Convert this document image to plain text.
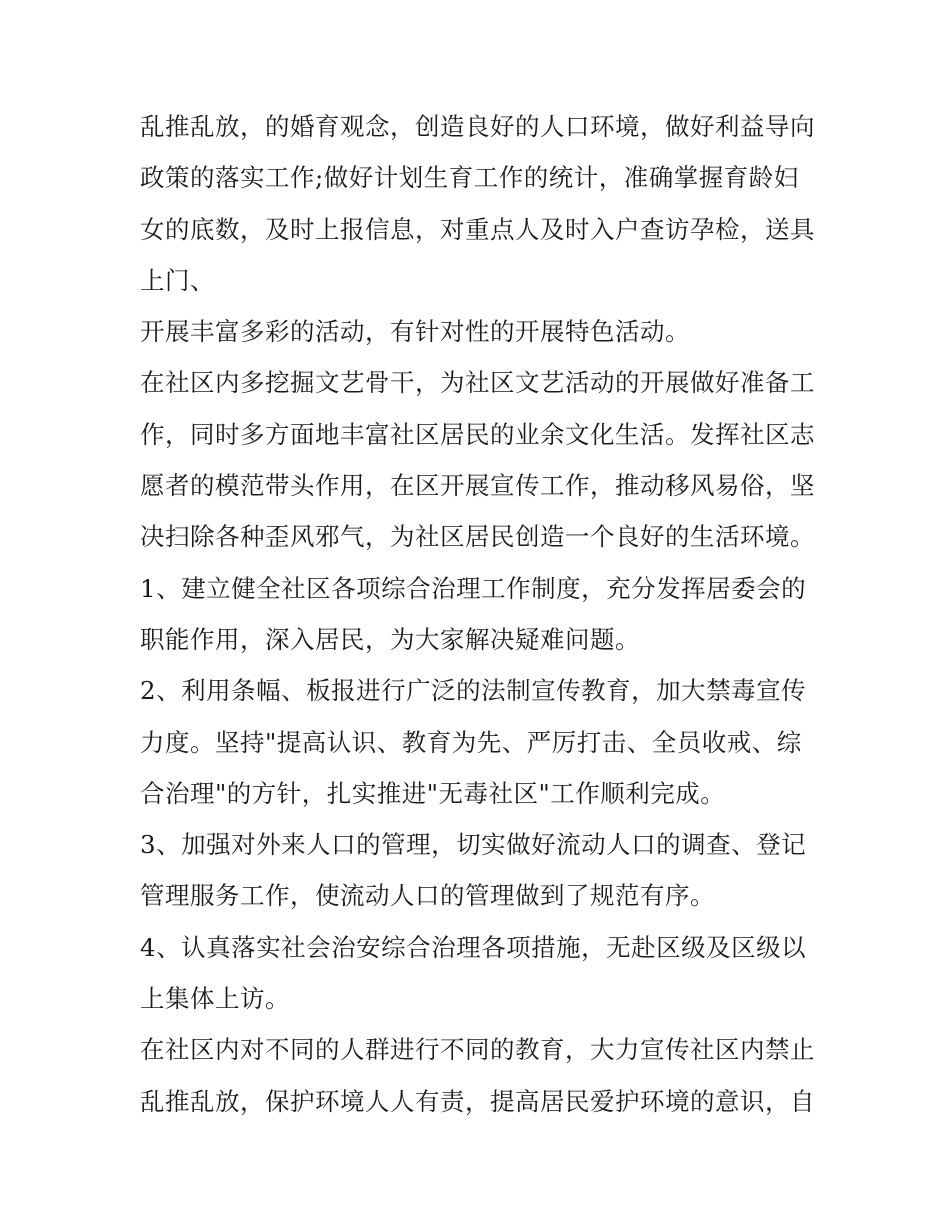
乱推乱放，的婚育观念，创造良好的人口环境，做好利益导向
政策的落实工作;做好计划生育工作的统计，准确掌握育龄妇
女的底数，及时上报信息，对重点人及时入户查访孕检，送具
上门、
开展丰富多彩的活动，有针对性的开展特色活动。
在社区内多挖掘文艺骨干，为社区文艺活动的开展做好准备工
作，同时多方面地丰富社区居民的业余文化生活。发挥社区志
愿者的模范带头作用，在区开展宣传工作，推动移风易俗，坚
决扫除各种歪风邪气，为社区居民创造一个良好的生活环境。
1、建立健全社区各项综合治理工作制度，充分发挥居委会的
职能作用，深入居民，为大家解决疑难问题。
2、利用条幅、板报进行广泛的法制宣传教育，加大禁毒宣传
力度。坚持"提高认识、教育为先、严厉打击、全员收戒、综
合治理"的方针，扎实推进"无毒社区"工作顺利完成。
3、加强对外来人口的管理，切实做好流动人口的调查、登记
管理服务工作，使流动人口的管理做到了规范有序。
4、认真落实社会治安综合治理各项措施，无赴区级及区级以
上集体上访。
在社区内对不同的人群进行不同的教育，大力宣传社区内禁止
乱推乱放，保护环境人人有责，提高居民爱护环境的意识，自
